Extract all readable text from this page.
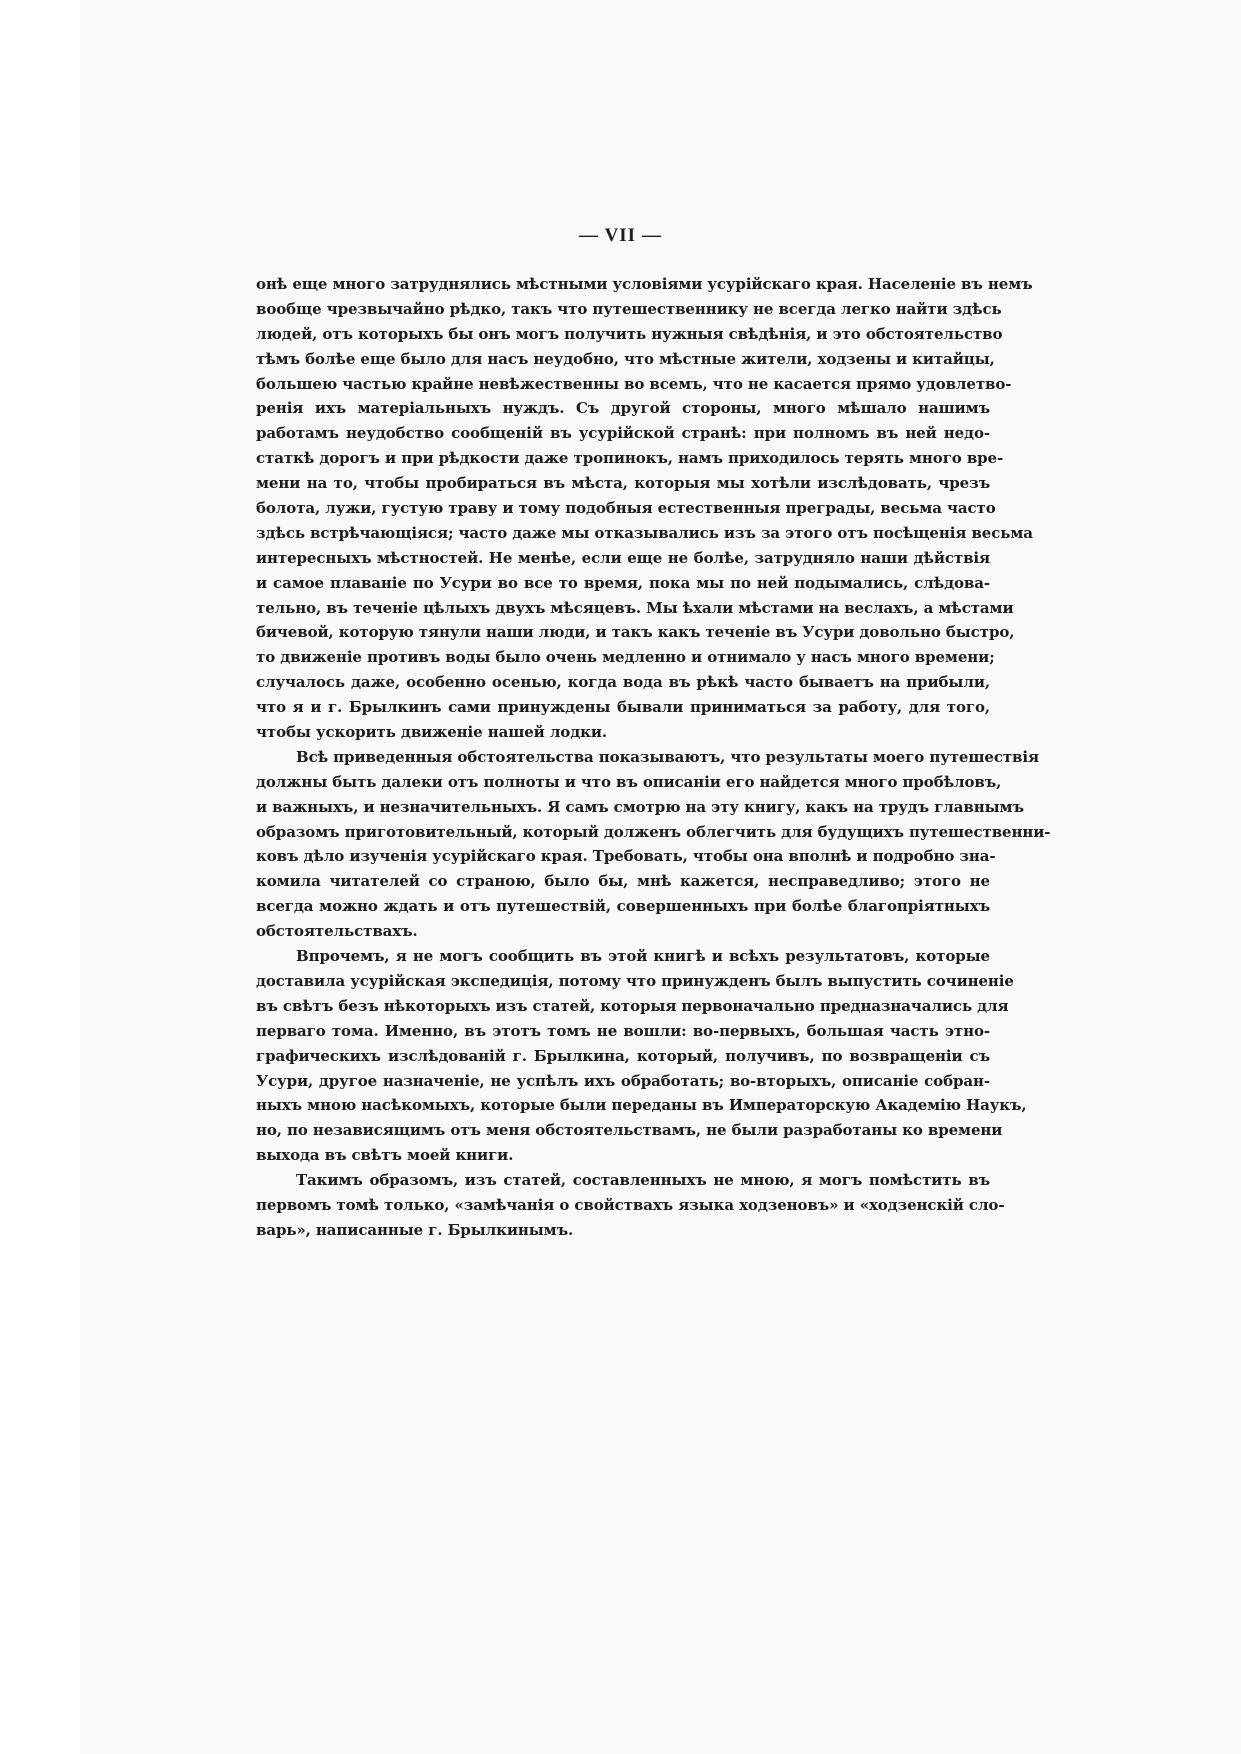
— VII —
онѣ еще много затруднялись мѣстными условіями усурійскаго края. Населеніе въ немъ
вообще чрезвычайно рѣдко, такъ что путешественнику не всегда легко найти здѣсь
людей, отъ которыхъ бы онъ могъ получить нужныя свѣдѣнія, и это обстоятельство
тѣмъ болѣе еще было для насъ неудобно, что мѣстные жители, ходзены и китайцы,
большею частью крайне невѣжественны во всемъ, что не касается прямо удовлетво-
ренія ихъ матеріальныхъ нуждъ. Съ другой стороны, много мѣшало нашимъ
работамъ неудобство сообщеній въ усурійской странѣ: при полномъ въ ней недо-
статкѣ дорогъ и при рѣдкости даже тропинокъ, намъ приходилось терять много вре-
мени на то, чтобы пробираться въ мѣста, которыя мы хотѣли изслѣдовать, чрезъ
болота, лужи, густую траву и тому подобныя естественныя преграды, весьма часто
здѣсь встрѣчающіяся; часто даже мы отказывались изъ за этого отъ посѣщенія весьма
интересныхъ мѣстностей. Не менѣе, если еще не болѣе, затрудняло наши дѣйствія
и самое плаваніе по Усури во все то время, пока мы по ней подымались, слѣдова-
тельно, въ теченіе цѣлыхъ двухъ мѣсяцевъ. Мы ѣхали мѣстами на веслахъ, а мѣстами
бичевой, которую тянули наши люди, и такъ какъ теченіе въ Усури довольно быстро,
то движеніе противъ воды было очень медленно и отнимало у насъ много времени;
случалось даже, особенно осенью, когда вода въ рѣкѣ часто бываетъ на прибыли,
что я и г. Брылкинъ сами принуждены бывали приниматься за работу, для того,
чтобы ускорить движеніе нашей лодки.
Всѣ приведенныя обстоятельства показываютъ, что результаты моего путешествія
должны быть далеки отъ полноты и что въ описаніи его найдется много пробѣловъ,
и важныхъ, и незначительныхъ. Я самъ смотрю на эту книгу, какъ на трудъ главнымъ
образомъ приготовительный, который долженъ облегчить для будущихъ путешественни-
ковъ дѣло изученія усурійскаго края. Требовать, чтобы она вполнѣ и подробно зна-
комила читателей со страною, было бы, мнѣ кажется, несправедливо; этого не
всегда можно ждать и отъ путешествій, совершенныхъ при болѣе благопріятныхъ
обстоятельствахъ.
Впрочемъ, я не могъ сообщить въ этой книгѣ и всѣхъ результатовъ, которые
доставила усурійская экспедиція, потому что принужденъ былъ выпустить сочиненіе
въ свѣтъ безъ нѣкоторыхъ изъ статей, которыя первоначально предназначались для
перваго тома. Именно, въ этотъ томъ не вошли: во-первыхъ, большая часть этно-
графическихъ изслѣдованій г. Брылкина, который, получивъ, по возвращеніи съ
Усури, другое назначеніе, не успѣлъ ихъ обработать; во-вторыхъ, описаніе собран-
ныхъ мною насѣкомыхъ, которые были переданы въ Императорскую Академію Наукъ,
но, по независящимъ отъ меня обстоятельствамъ, не были разработаны ко времени
выхода въ свѣтъ моей книги.
Такимъ образомъ, изъ статей, составленныхъ не мною, я могъ помѣстить въ
первомъ томѣ только, «замѣчанія о свойствахъ языка ходзеновъ» и «ходзенскій сло-
варь», написанные г. Брылкинымъ.
